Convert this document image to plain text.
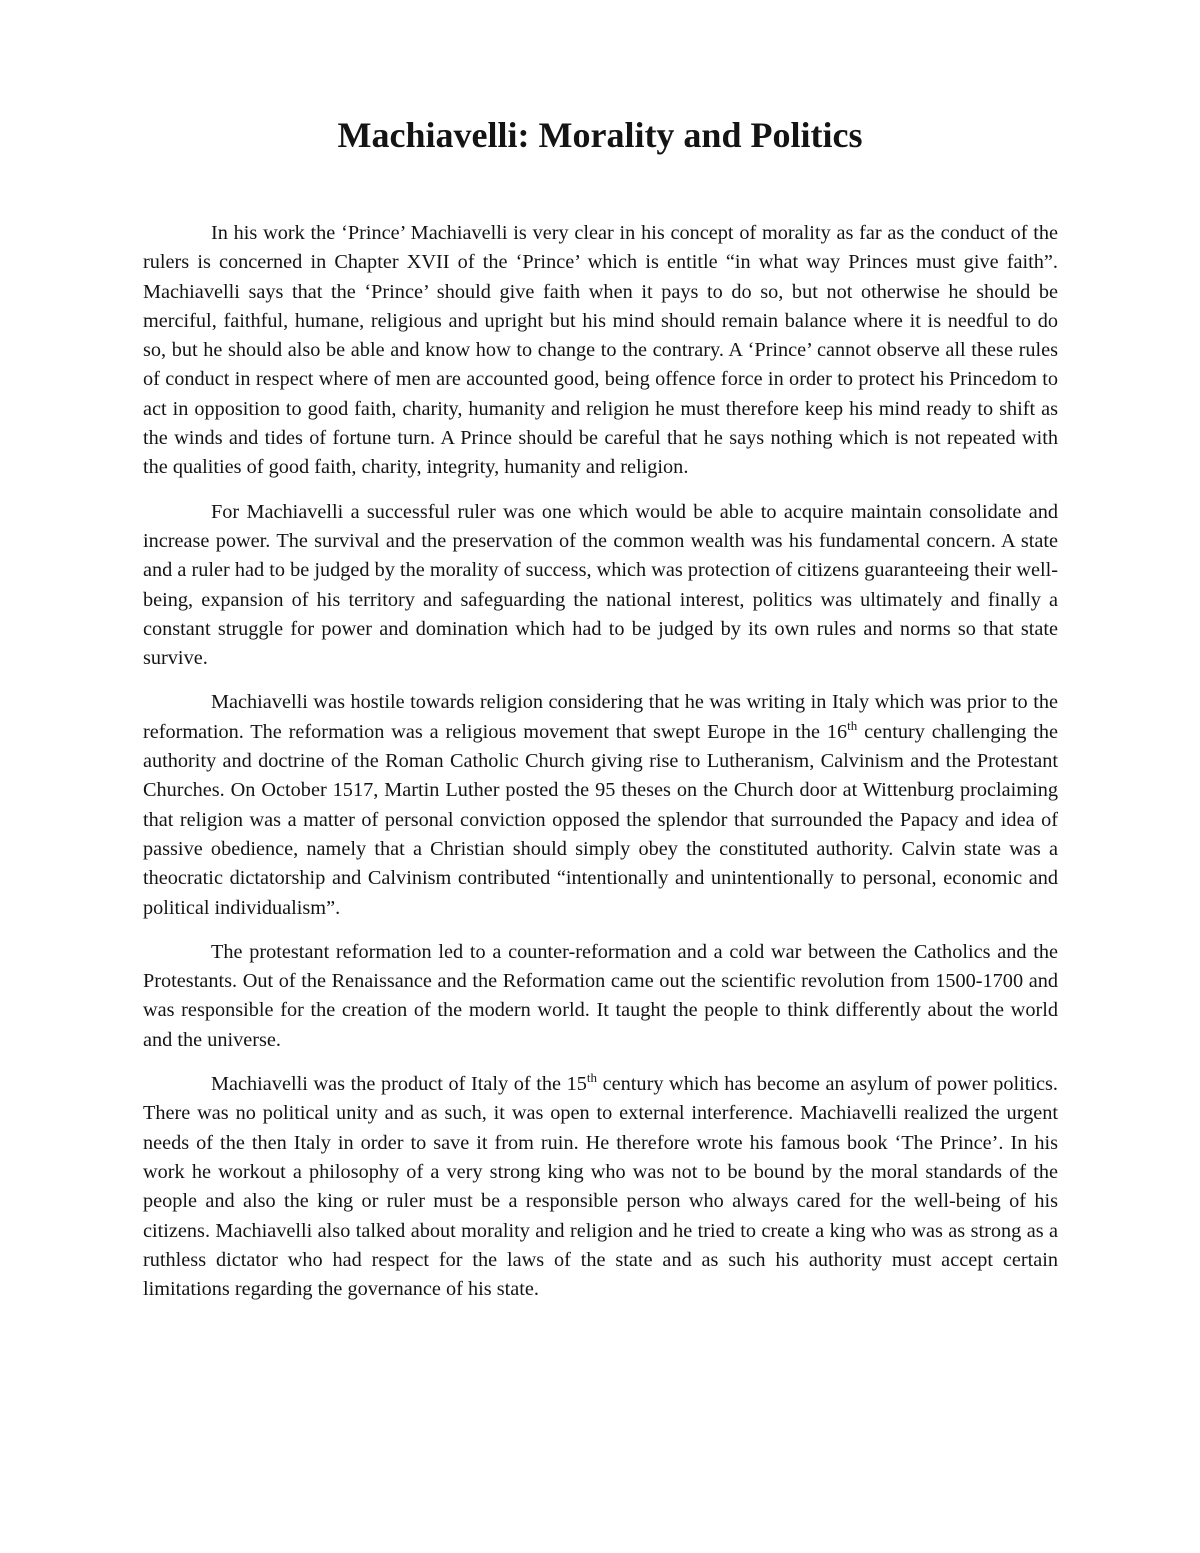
Machiavelli: Morality and Politics

In his work the ‘Prince’ Machiavelli is very clear in his concept of morality as far as the conduct of the rulers is concerned in Chapter XVII of the ‘Prince’ which is entitle “in what way Princes must give faith”. Machiavelli says that the ‘Prince’ should give faith when it pays to do so, but not otherwise he should be merciful, faithful, humane, religious and upright but his mind should remain balance where it is needful to do so, but he should also be able and know how to change to the contrary. A ‘Prince’ cannot observe all these rules of conduct in respect where of men are accounted good, being offence force in order to protect his Princedom to act in opposition to good faith, charity, humanity and religion he must therefore keep his mind ready to shift as the winds and tides of fortune turn. A Prince should be careful that he says nothing which is not repeated with the qualities of good faith, charity, integrity, humanity and religion.

For Machiavelli a successful ruler was one which would be able to acquire maintain consolidate and increase power. The survival and the preservation of the common wealth was his fundamental concern. A state and a ruler had to be judged by the morality of success, which was protection of citizens guaranteeing their well-being, expansion of his territory and safeguarding the national interest, politics was ultimately and finally a constant struggle for power and domination which had to be judged by its own rules and norms so that state survive.

Machiavelli was hostile towards religion considering that he was writing in Italy which was prior to the reformation. The reformation was a religious movement that swept Europe in the 16th century challenging the authority and doctrine of the Roman Catholic Church giving rise to Lutheranism, Calvinism and the Protestant Churches. On October 1517, Martin Luther posted the 95 theses on the Church door at Wittenburg proclaiming that religion was a matter of personal conviction opposed the splendor that surrounded the Papacy and idea of passive obedience, namely that a Christian should simply obey the constituted authority. Calvin state was a theocratic dictatorship and Calvinism contributed “intentionally and unintentionally to personal, economic and political individualism”.

The protestant reformation led to a counter-reformation and a cold war between the Catholics and the Protestants. Out of the Renaissance and the Reformation came out the scientific revolution from 1500-1700 and was responsible for the creation of the modern world. It taught the people to think differently about the world and the universe.

Machiavelli was the product of Italy of the 15th century which has become an asylum of power politics. There was no political unity and as such, it was open to external interference. Machiavelli realized the urgent needs of the then Italy in order to save it from ruin. He therefore wrote his famous book ‘The Prince’. In his work he workout a philosophy of a very strong king who was not to be bound by the moral standards of the people and also the king or ruler must be a responsible person who always cared for the well-being of his citizens. Machiavelli also talked about morality and religion and he tried to create a king who was as strong as a ruthless dictator who had respect for the laws of the state and as such his authority must accept certain limitations regarding the governance of his state.
